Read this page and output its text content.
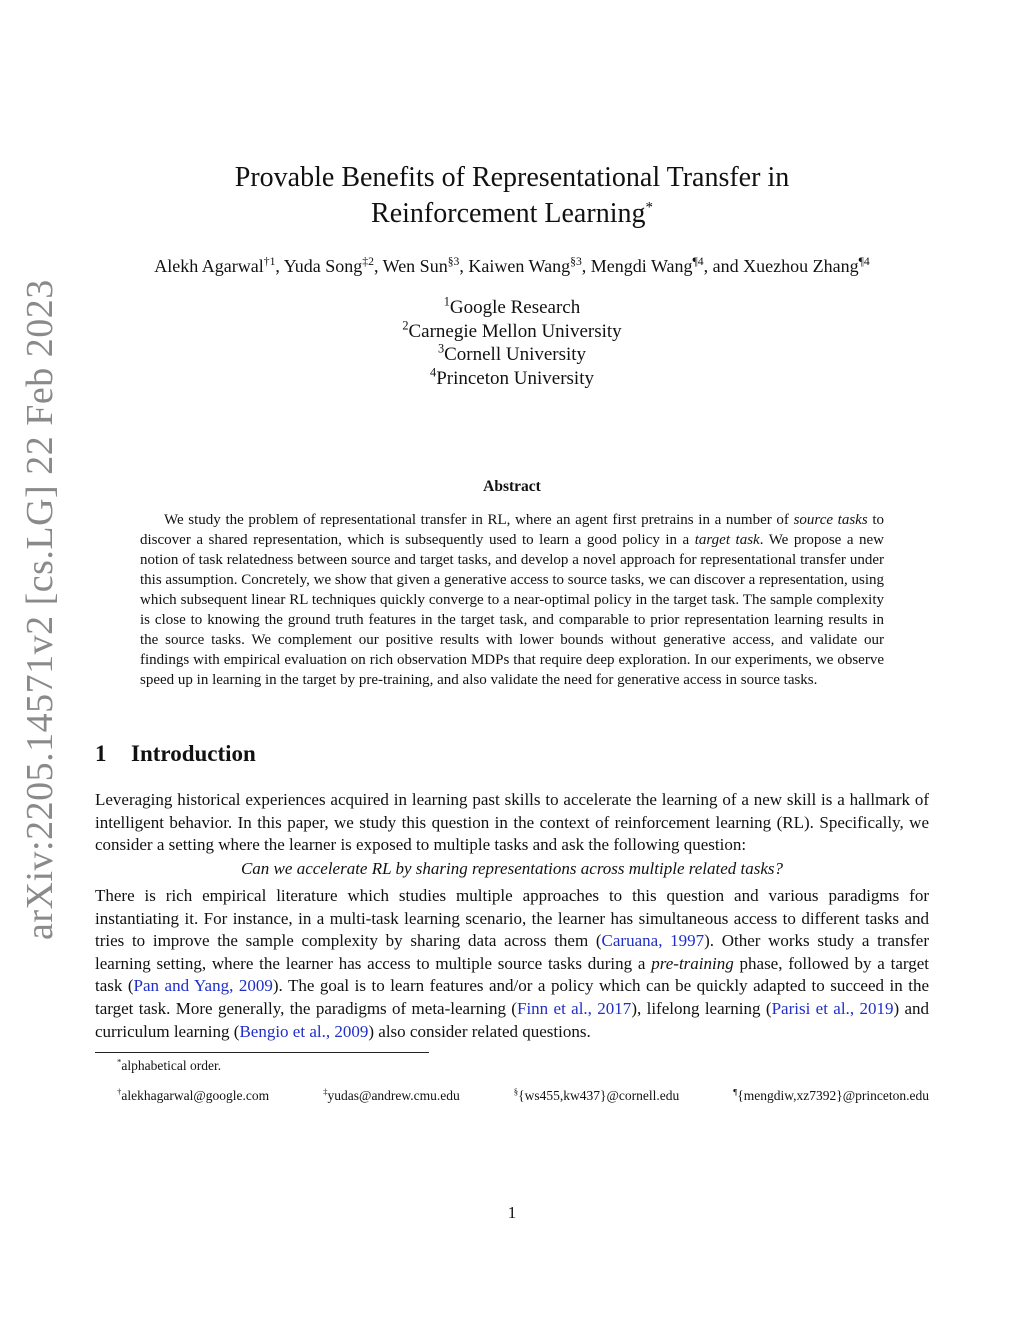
arXiv:2205.14571v2 [cs.LG] 22 Feb 2023
Provable Benefits of Representational Transfer in
Reinforcement Learning*
Alekh Agarwal$^{\dagger 1}$, Yuda Song$^{\ddagger 2}$, Wen Sun$^{\S 3}$, Kaiwen Wang$^{\S 3}$, Mengdi Wang$^{\P 4}$, and Xuezhou Zhang$^{\P 4}$
$^1$Google Research
$^2$Carnegie Mellon University
$^3$Cornell University
$^4$Princeton University
Abstract
We study the problem of representational transfer in RL, where an agent first pretrains in a number of source tasks to discover a shared representation, which is subsequently used to learn a good policy in a target task. We propose a new notion of task relatedness between source and target tasks, and develop a novel approach for representational transfer under this assumption. Concretely, we show that given a generative access to source tasks, we can discover a representation, using which subsequent linear RL techniques quickly converge to a near-optimal policy in the target task. The sample complexity is close to knowing the ground truth features in the target task, and comparable to prior representation learning results in the source tasks. We complement our positive results with lower bounds without generative access, and validate our findings with empirical evaluation on rich observation MDPs that require deep exploration. In our experiments, we observe speed up in learning in the target by pre-training, and also validate the need for generative access in source tasks.
1 Introduction
Leveraging historical experiences acquired in learning past skills to accelerate the learning of a new skill is a hallmark of intelligent behavior. In this paper, we study this question in the context of reinforcement learning (RL). Specifically, we consider a setting where the learner is exposed to multiple tasks and ask the following question:
Can we accelerate RL by sharing representations across multiple related tasks?
There is rich empirical literature which studies multiple approaches to this question and various paradigms for instantiating it. For instance, in a multi-task learning scenario, the learner has simultaneous access to different tasks and tries to improve the sample complexity by sharing data across them (Caruana, 1997). Other works study a transfer learning setting, where the learner has access to multiple source tasks during a pre-training phase, followed by a target task (Pan and Yang, 2009). The goal is to learn features and/or a policy which can be quickly adapted to succeed in the target task. More generally, the paradigms of meta-learning (Finn et al., 2017), lifelong learning (Parisi et al., 2019) and curriculum learning (Bengio et al., 2009) also consider related questions.
*alphabetical order.
†alekhagarwal@google.com	‡yudas@andrew.cmu.edu	§{ws455,kw437}@cornell.edu	¶{mengdiw,xz7392}@princeton.edu
1
